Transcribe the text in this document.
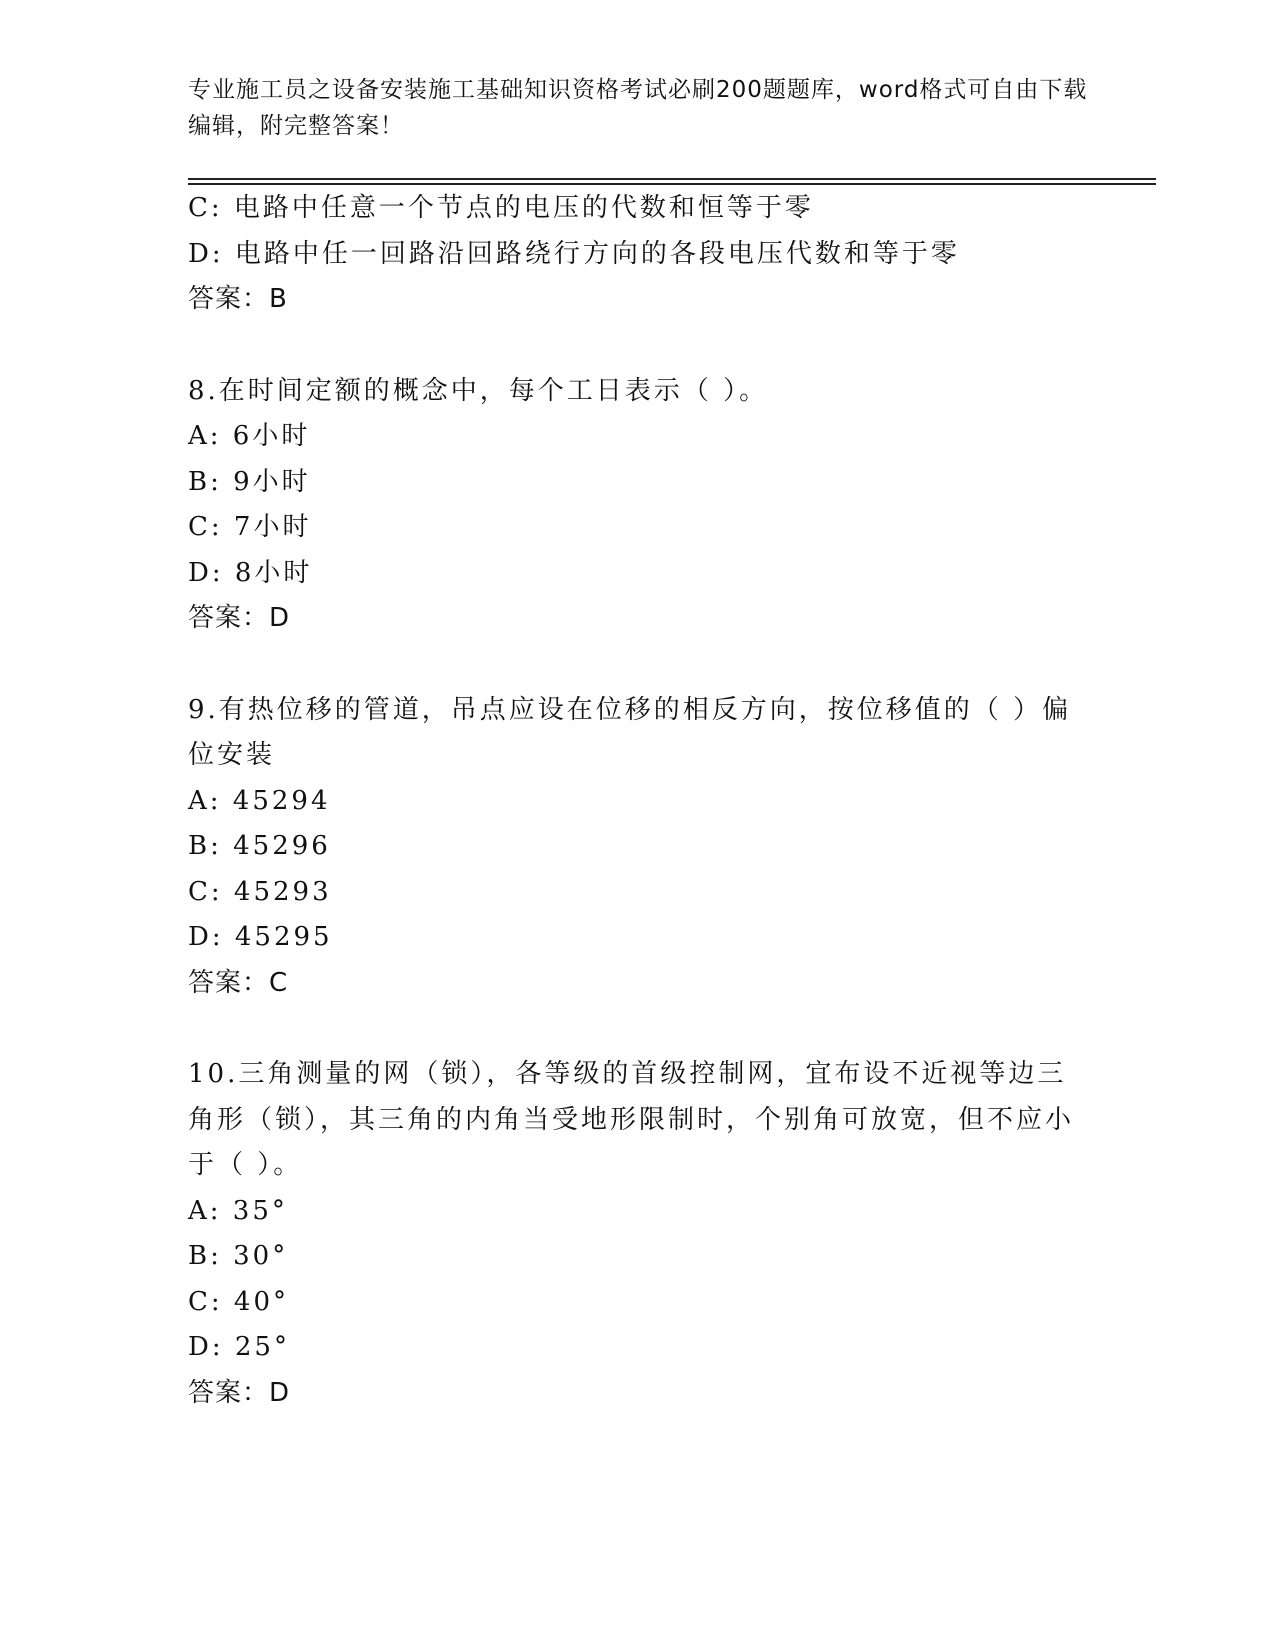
专业施工员之设备安装施工基础知识资格考试必刷200题题库，word格式可自由下载编辑，附完整答案！
C: 电路中任意一个节点的电压的代数和恒等于零
D: 电路中任一回路沿回路绕行方向的各段电压代数和等于零
答案：B
8.在时间定额的概念中，每个工日表示（ ）。
A: 6小时
B: 9小时
C: 7小时
D: 8小时
答案：D
9.有热位移的管道，吊点应设在位移的相反方向，按位移值的（ ）偏位安装
A: 45294
B: 45296
C: 45293
D: 45295
答案：C
10.三角测量的网（锁），各等级的首级控制网，宜布设不近视等边三角形（锁），其三角的内角当受地形限制时，个别角可放宽，但不应小于（ ）。
A: 35°
B: 30°
C: 40°
D: 25°
答案：D
